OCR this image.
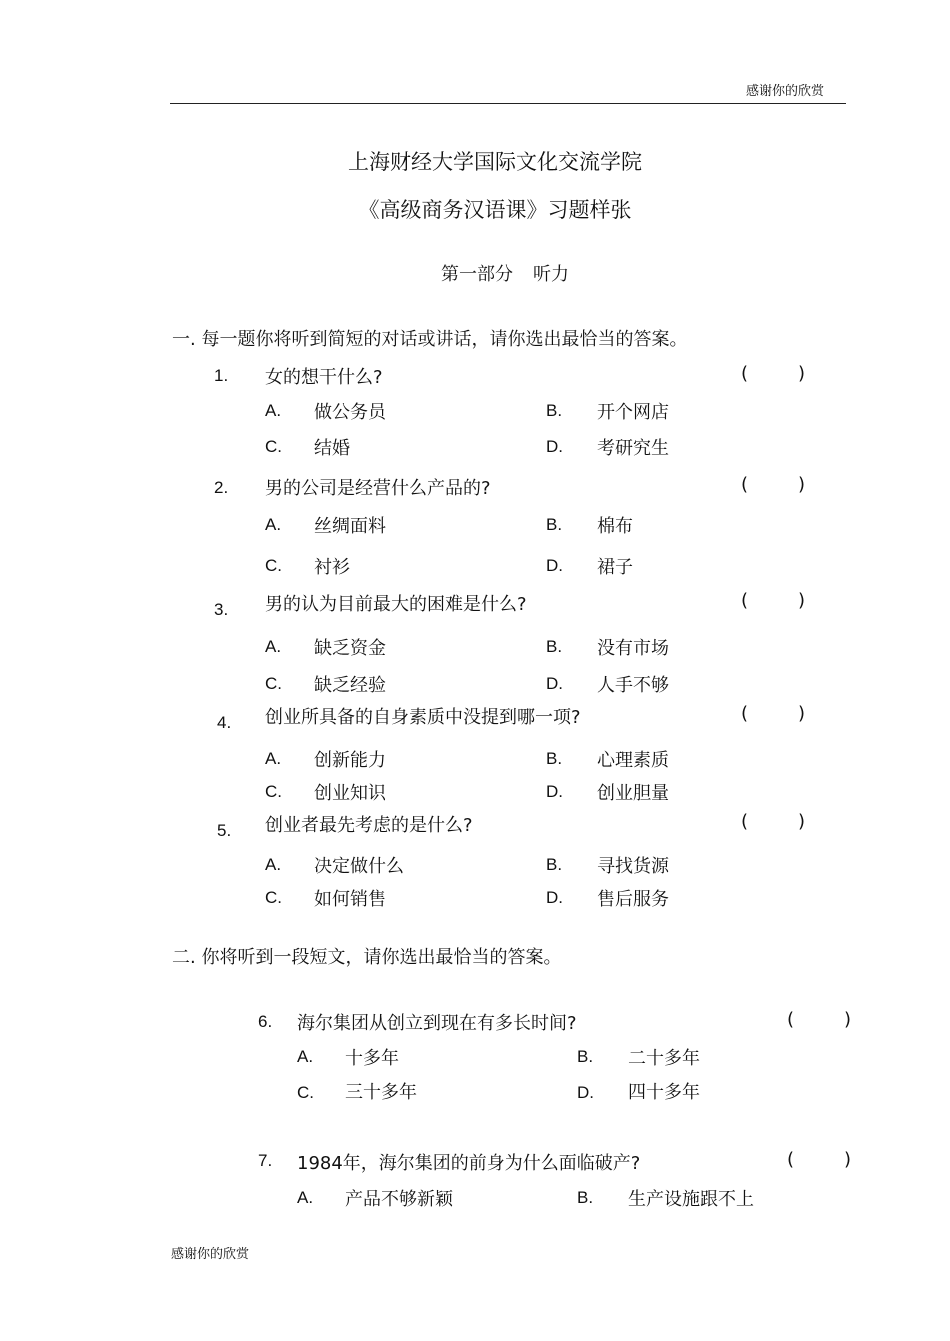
感谢你的欣赏
上海财经大学国际文化交流学院
《高级商务汉语课》习题样张
第一部分 听力
一. 每一题你将听到简短的对话或讲话，请你选出最恰当的答案。
1. 女的想干什么?	(	)
A. 做公务员	B. 开个网店
C. 结婚	D. 考研究生
2. 男的公司是经营什么产品的?	(	)
A. 丝绸面料	B. 棉布
C. 衬衫	D. 裙子
3. 男的认为目前最大的困难是什么?	(	)
A. 缺乏资金	B. 没有市场
C. 缺乏经验	D. 人手不够
4. 创业所具备的自身素质中没提到哪一项?	(	)
A. 创新能力	B. 心理素质
C. 创业知识	D. 创业胆量
5. 创业者最先考虑的是什么?	(	)
A. 决定做什么	B. 寻找货源
C. 如何销售	D. 售后服务
二. 你将听到一段短文，请你选出最恰当的答案。
6. 海尔集团从创立到现在有多长时间?	(	)
A. 十多年	B. 二十多年
C. 三十多年	D. 四十多年
7. 1984年，海尔集团的前身为什么面临破产?	(	)
A. 产品不够新颖	B. 生产设施跟不上
感谢你的欣赏
